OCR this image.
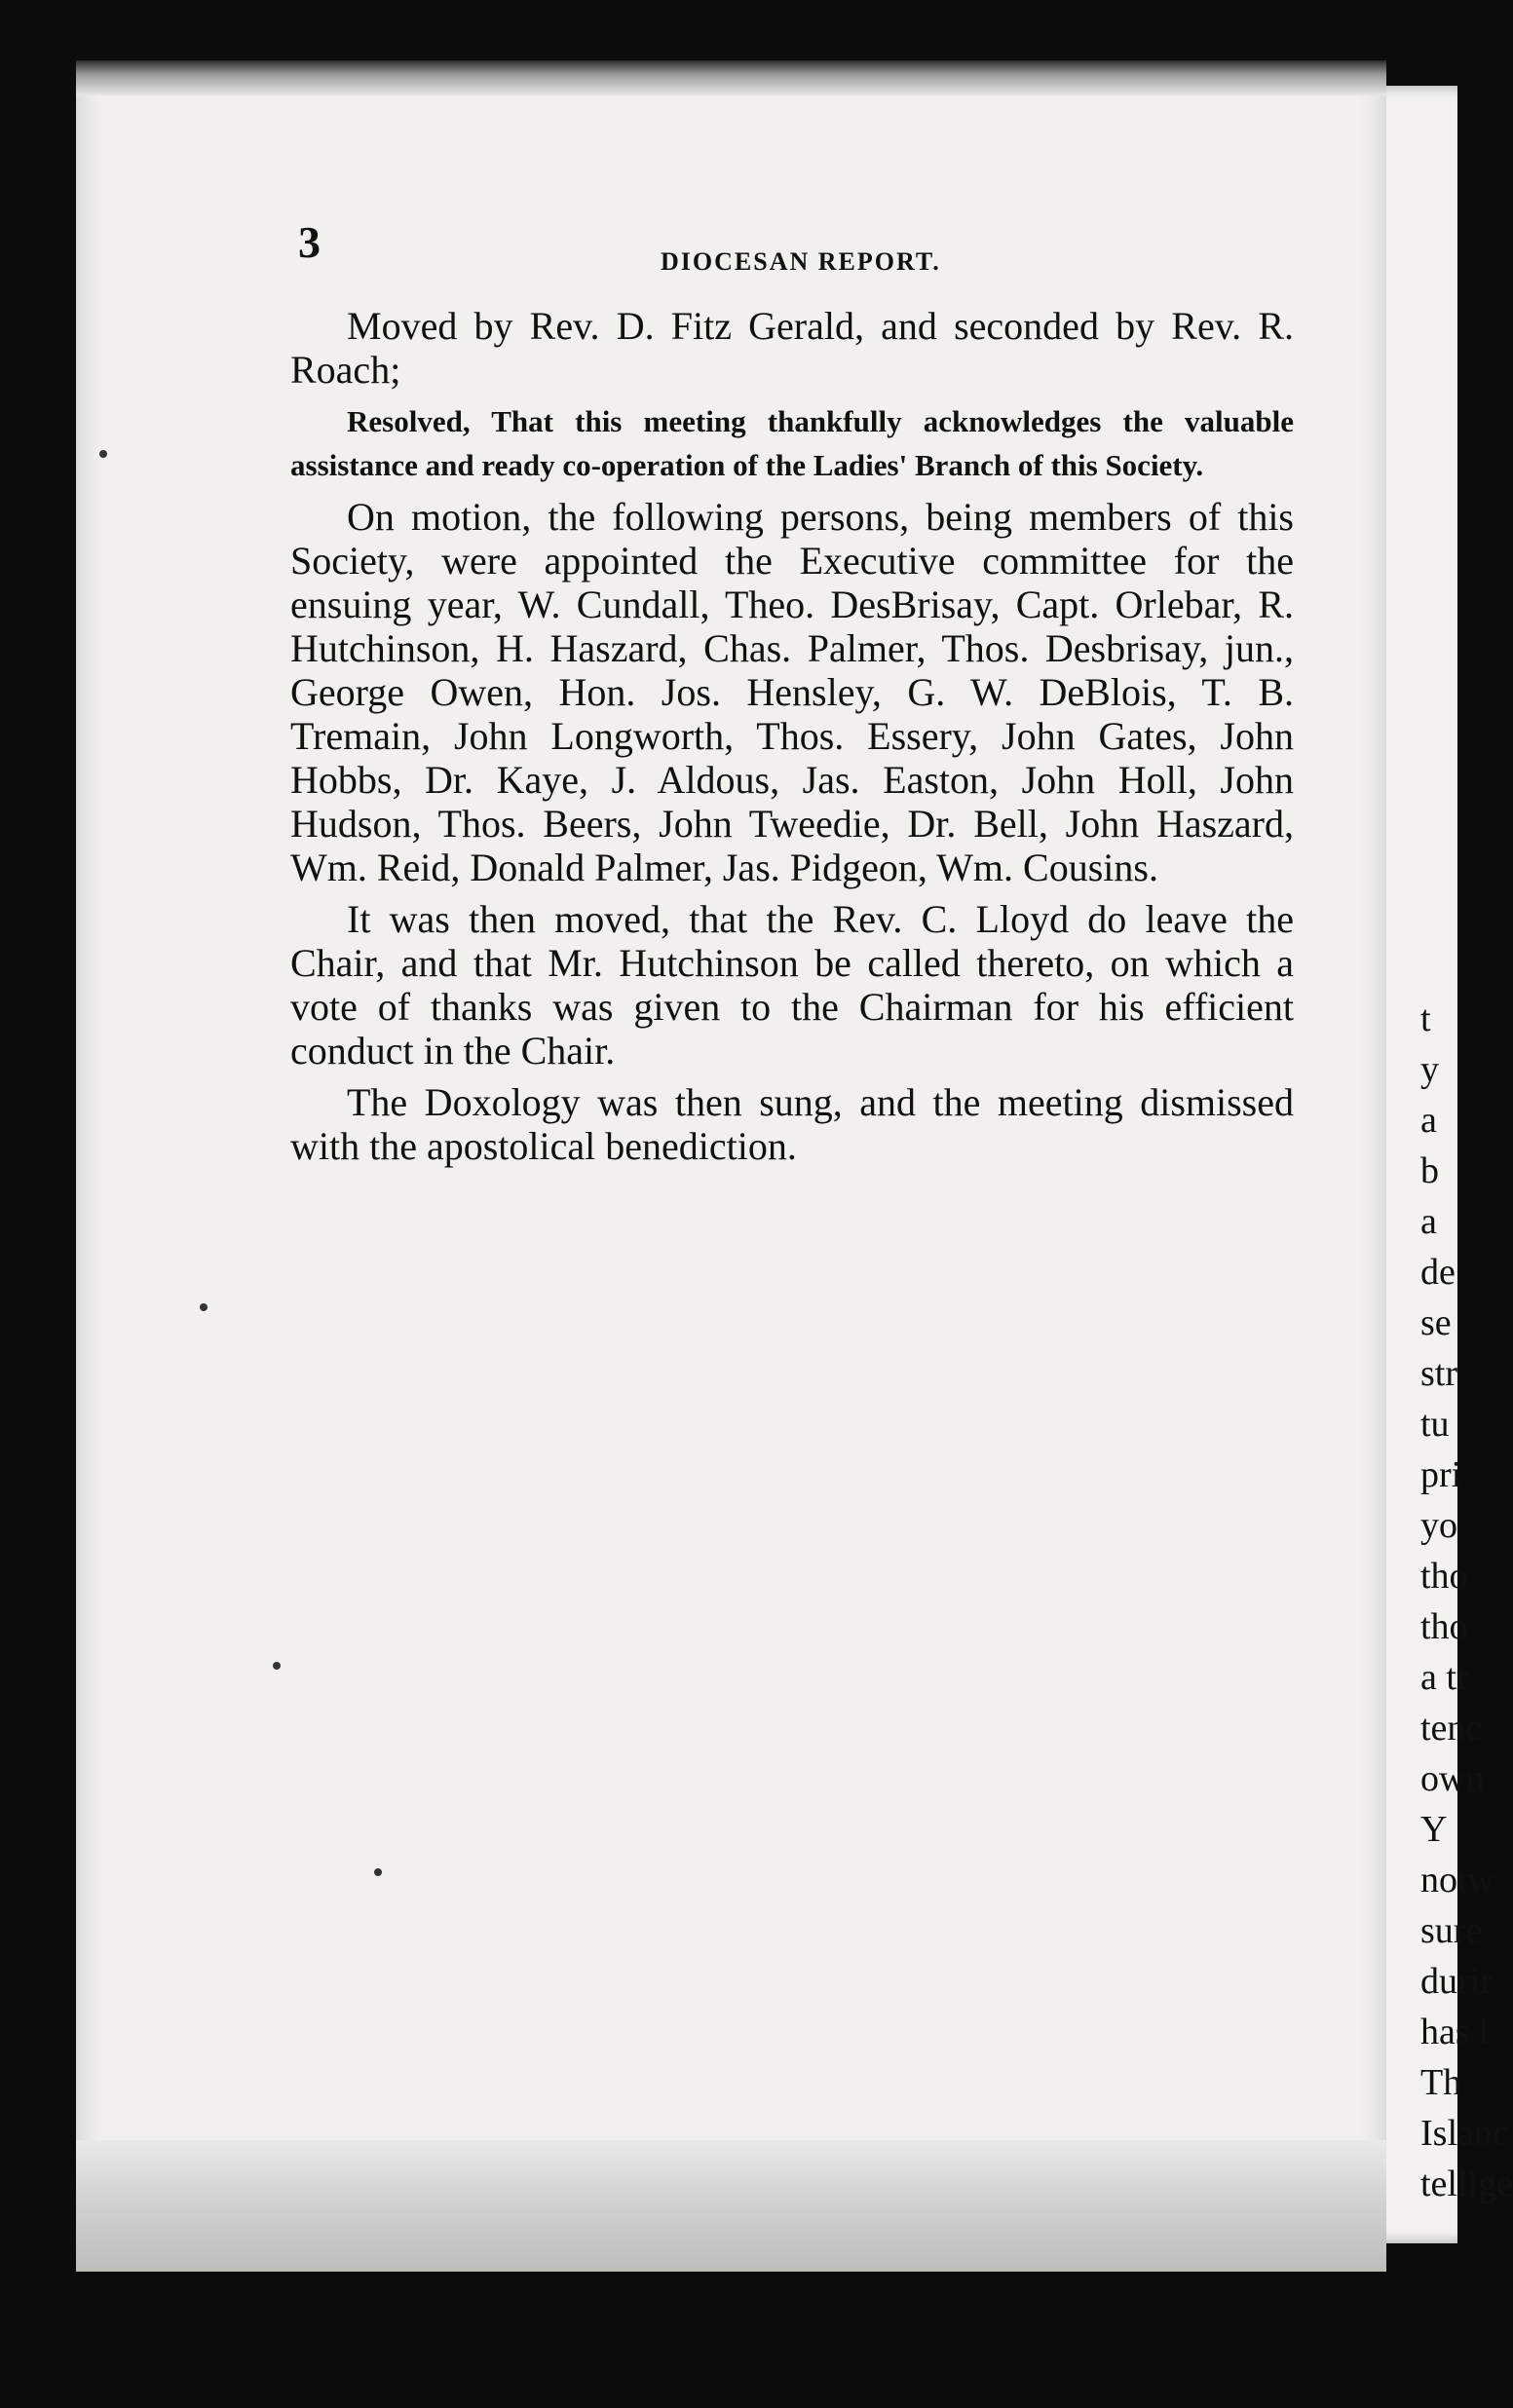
t
y
a
b
a
de
se
str
tu
pri
yo
tho
tho
a tr
tenc
own
Y
notw
sure
durir
has l
Th
Islanc
tellige
3	DIOCESAN REPORT.

Moved by Rev. D. Fitz Gerald, and seconded by Rev. R. Roach;

Resolved, That this meeting thankfully acknowledges the valuable assistance and ready co-operation of the Ladies' Branch of this Society.

On motion, the following persons, being members of this Society, were appointed the Executive committee for the ensuing year, W. Cundall, Theo. DesBrisay, Capt. Orlebar, R. Hutchinson, H. Haszard, Chas. Palmer, Thos. Desbrisay, jun., George Owen, Hon. Jos. Hensley, G. W. DeBlois, T. B. Tremain, John Longworth, Thos. Essery, John Gates, John Hobbs, Dr. Kaye, J. Aldous, Jas. Easton, John Holl, John Hudson, Thos. Beers, John Tweedie, Dr. Bell, John Haszard, Wm. Reid, Donald Palmer, Jas. Pidgeon, Wm. Cousins.

It was then moved, that the Rev. C. Lloyd do leave the Chair, and that Mr. Hutchinson be called thereto, on which a vote of thanks was given to the Chairman for his efficient conduct in the Chair.

The Doxology was then sung, and the meeting dismissed with the apostolical benediction.
